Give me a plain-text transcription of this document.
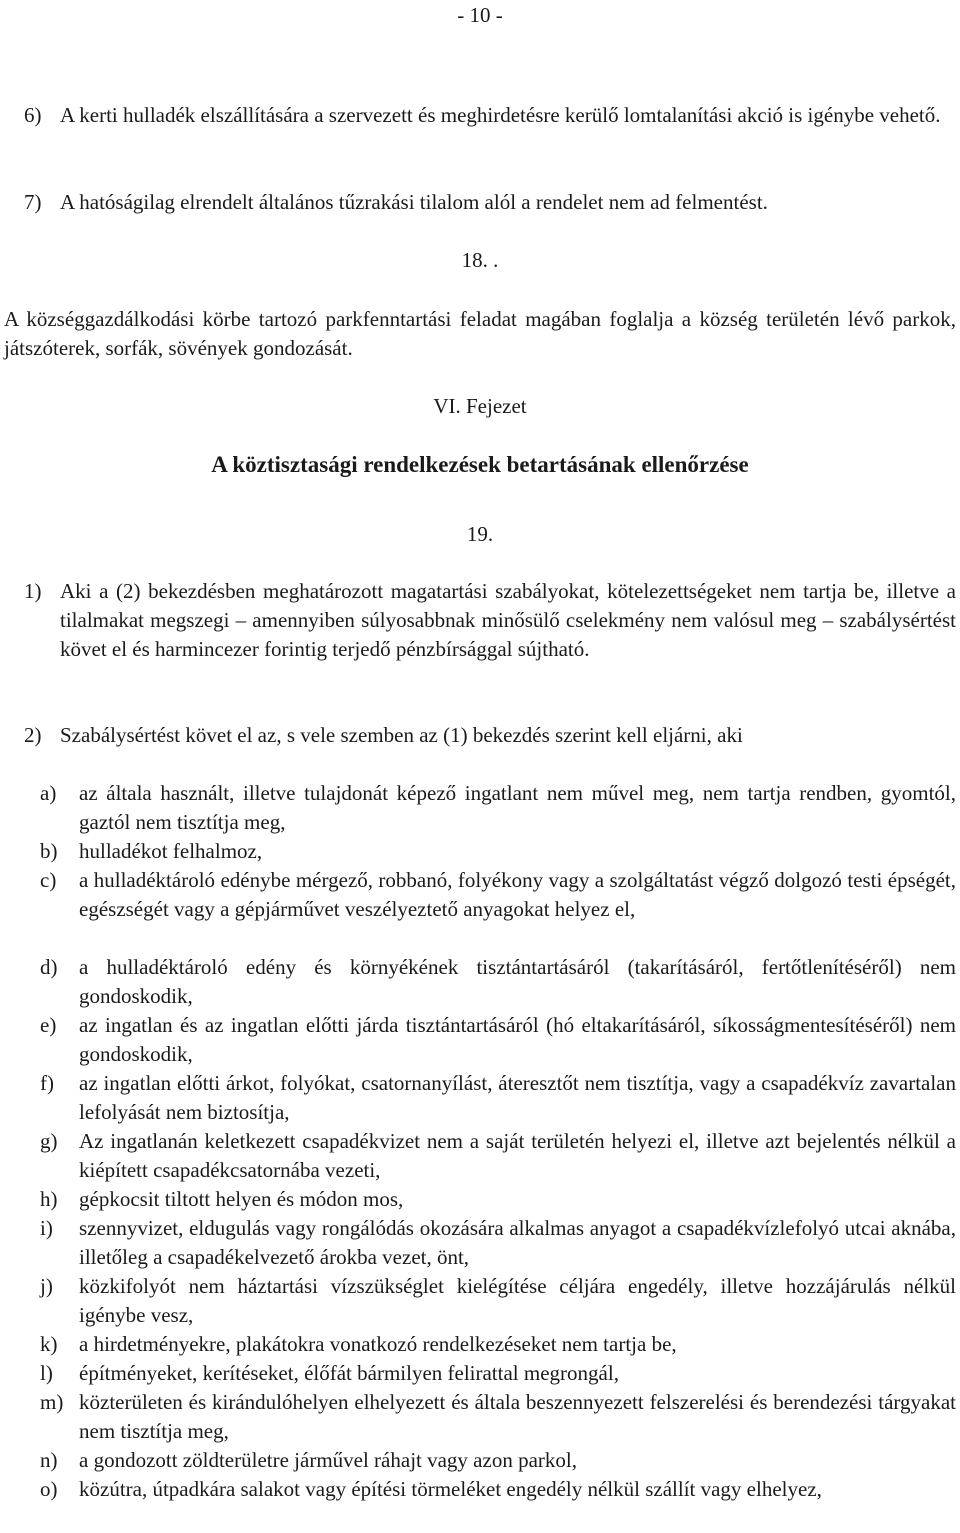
- 10 -
6) A kerti hulladék elszállítására a szervezett és meghirdetésre kerülő lomtalanítási akció is igénybe vehető.
7) A hatóságilag elrendelt általános tűzrakási tilalom alól a rendelet nem ad felmentést.
18. .
A községgazdálkodási körbe tartozó parkfenntartási feladat magában foglalja a község területén lévő parkok, játszóterek, sorfák, sövények gondozását.
VI. Fejezet
A köztisztasági rendelkezések betartásának ellenőrzése
19.
1) Aki a (2) bekezdésben meghatározott magatartási szabályokat, kötelezettségeket nem tartja be, illetve a tilalmakat megszegi – amennyiben súlyosabbnak minősülő cselekmény nem valósul meg – szabálysértést követ el és harmincezer forintig terjedő pénzbírsággal sújtható.
2) Szabálysértést követ el az, s vele szemben az (1) bekezdés szerint kell eljárni, aki
a) az általa használt, illetve tulajdonát képező ingatlant nem művel meg, nem tartja rendben, gyomtól, gaztól nem tisztítja meg,
b) hulladékot felhalmoz,
c) a hulladéktároló edénybe mérgező, robbanó, folyékony vagy a szolgáltatást végző dolgozó testi épségét, egészségét vagy a gépjárművet veszélyeztető anyagokat helyez el,
d) a hulladéktároló edény és környékének tisztántartásáról (takarításáról, fertőtlenítéséről) nem gondoskodik,
e) az ingatlan és az ingatlan előtti járda tisztántartásáról (hó eltakarításáról, síkosságmentesítéséről) nem gondoskodik,
f) az ingatlan előtti árkot, folyókat, csatornanyílást, áteresztőt nem tisztítja, vagy a csapadékvíz zavartalan lefolyását nem biztosítja,
g) Az ingatlanán keletkezett csapadékvizet nem a saját területén helyezi el, illetve azt bejelentés nélkül a kiépített csapadékcsatornába vezeti,
h) gépkocsit tiltott helyen és módon mos,
i) szennyvizet, eldugulás vagy rongálódás okozására alkalmas anyagot a csapadékvízlefolyó utcai aknába, illetőleg a csapadékelvezető árokba vezet, önt,
j) közkifolyót nem háztartási vízszükséglet kielégítése céljára engedély, illetve hozzájárulás nélkül igénybe vesz,
k) a hirdetményekre, plakátokra vonatkozó rendelkezéseket nem tartja be,
l) építményeket, kerítéseket, élőfát bármilyen felirattal megrongál,
m) közterületen és kirándulóhelyen elhelyezett és általa beszennyezett felszerelési és berendezési tárgyakat nem tisztítja meg,
n) a gondozott zöldterületre járművel ráhajt vagy azon parkol,
o) közútra, útpadkára salakot vagy építési törmeléket engedély nélkül szállít vagy elhelyez,
